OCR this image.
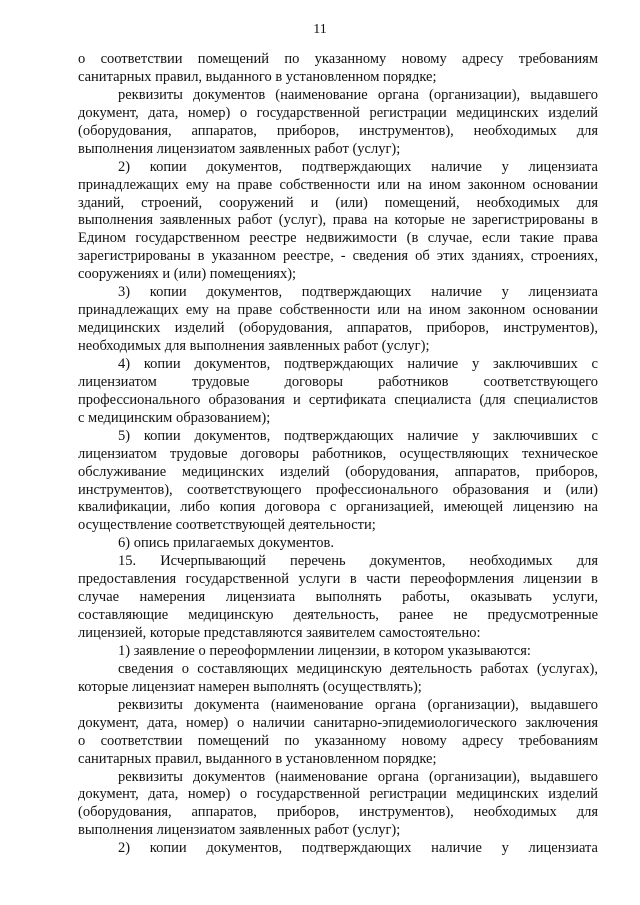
11
о соответствии помещений по указанному новому адресу требованиям
санитарных правил, выданного в установленном порядке;
реквизиты документов (наименование органа (организации), выдавшего
документ, дата, номер) о государственной регистрации медицинских изделий
(оборудования, аппаратов, приборов, инструментов), необходимых для
выполнения лицензиатом заявленных работ (услуг);
2) копии документов, подтверждающих наличие у лицензиата
принадлежащих ему на праве собственности или на ином законном основании
зданий, строений, сооружений и (или) помещений, необходимых для
выполнения заявленных работ (услуг), права на которые не зарегистрированы в
Едином государственном реестре недвижимости (в случае, если такие права
зарегистрированы в указанном реестре, - сведения об этих зданиях, строениях,
сооружениях и (или) помещениях);
3) копии документов, подтверждающих наличие у лицензиата
принадлежащих ему на праве собственности или на ином законном основании
медицинских изделий (оборудования, аппаратов, приборов, инструментов),
необходимых для выполнения заявленных работ (услуг);
4) копии документов, подтверждающих наличие у заключивших с
лицензиатом трудовые договоры работников соответствующего
профессионального образования и сертификата специалиста (для специалистов
с медицинским образованием);
5) копии документов, подтверждающих наличие у заключивших с
лицензиатом трудовые договоры работников, осуществляющих техническое
обслуживание медицинских изделий (оборудования, аппаратов, приборов,
инструментов), соответствующего профессионального образования и (или)
квалификации, либо копия договора с организацией, имеющей лицензию на
осуществление соответствующей деятельности;
6) опись прилагаемых документов.
15. Исчерпывающий перечень документов, необходимых для
предоставления государственной услуги в части переоформления лицензии в
случае намерения лицензиата выполнять работы, оказывать услуги,
составляющие медицинскую деятельность, ранее не предусмотренные
лицензией, которые представляются заявителем самостоятельно:
1) заявление о переоформлении лицензии, в котором указываются:
сведения о составляющих медицинскую деятельность работах (услугах),
которые лицензиат намерен выполнять (осуществлять);
реквизиты документа (наименование органа (организации), выдавшего
документ, дата, номер) о наличии санитарно-эпидемиологического заключения
о соответствии помещений по указанному новому адресу требованиям
санитарных правил, выданного в установленном порядке;
реквизиты документов (наименование органа (организации), выдавшего
документ, дата, номер) о государственной регистрации медицинских изделий
(оборудования, аппаратов, приборов, инструментов), необходимых для
выполнения лицензиатом заявленных работ (услуг);
2) копии документов, подтверждающих наличие у лицензиата
